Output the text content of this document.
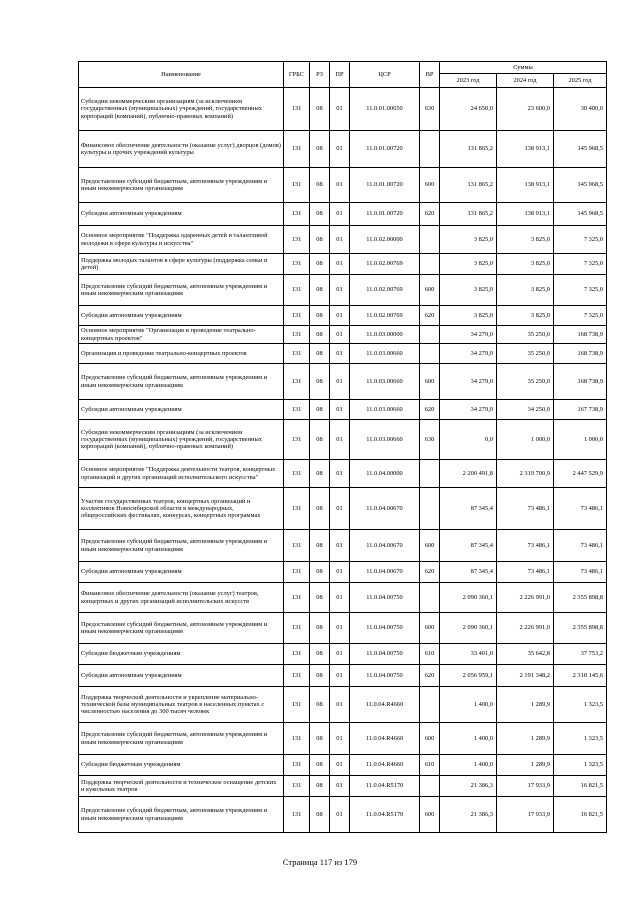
Наименование	ГРБС	РЗ	ПР	ЦСР	ВР	Суммы		
						2023 год	2024 год	2025 год
Субсидии некоммерческим организациям (за исключением государственных (муниципальных) учреждений, государственных корпораций (компаний), публично-правовых компаний)	131	08	01	11.0.01.00650	630	24 650,0	23 600,0	30 400,0
Финансовое обеспечение деятельности (оказание услуг) дворцов (домов) культуры и прочих учреждений культуры	131	08	01	11.0.01.00720		131 865,2	138 913,1	145 968,5
Предоставление субсидий бюджетным, автономным учреждениям и иным некоммерческим организациям	131	08	01	11.0.01.00720	600	131 865,2	138 913,1	145 968,5
Субсидии автономным учреждениям	131	08	01	11.0.01.00720	620	131 865,2	138 913,1	145 968,5
Основное мероприятие "Поддержка одаренных детей и талантливой молодежи в сфере культуры и искусства"	131	08	01	11.0.02.00000		3 825,0	3 825,0	7 325,0
Поддержка молодых талантов в сфере культуры (поддержка семьи и детей)	131	08	01	11.0.02.00769		3 825,0	3 825,0	7 325,0
Предоставление субсидий бюджетным, автономным учреждениям и иным некоммерческим организациям	131	08	01	11.0.02.00769	600	3 825,0	3 825,0	7 325,0
Субсидии автономным учреждениям	131	08	01	11.0.02.00769	620	3 825,0	3 825,0	7 325,0
Основное мероприятие "Организация и проведение театрально-концертных проектов"	131	08	01	11.0.03.00000		34 279,0	35 250,0	168 738,9
Организация и проведение театрально-концертных проектов	131	08	01	11.0.03.00660		34 279,0	35 250,0	168 738,9
Предоставление субсидий бюджетным, автономным учреждениям и иным некоммерческим организациям	131	08	01	11.0.03.00660	600	34 279,0	35 250,0	168 738,9
Субсидии автономным учреждениям	131	08	01	11.0.03.00660	620	34 279,0	34 250,0	167 738,9
Субсидии некоммерческим организациям (за исключением государственных (муниципальных) учреждений, государственных корпораций (компаний), публично-правовых компаний)	131	08	01	11.0.03.00660	630	0,0	1 000,0	1 000,0
Основное мероприятие "Поддержка деятельности театров, концертных организаций и других организаций исполнительского искусства"	131	08	01	11.0.04.00000		2 200 491,8	2 319 700,9	2 447 529,9
Участие государственных театров, концертных организаций и коллективов Новосибирской области в международных, общероссийских фестивалях, конкурсах, концертных программах	131	08	01	11.0.04.00670		87 345,4	73 486,1	73 486,1
Предоставление субсидий бюджетным, автономным учреждениям и иным некоммерческим организациям	131	08	01	11.0.04.00670	600	87 345,4	73 486,1	73 486,1
Субсидии автономным учреждениям	131	08	01	11.0.04.00670	620	87 345,4	73 486,1	73 486,1
Финансовое обеспечение деятельности (оказание услуг) театров, концертных и других организаций исполнительских искусств	131	08	01	11.0.04.00750		2 090 360,1	2 226 991,0	2 355 898,8
Предоставление субсидий бюджетным, автономным учреждениям и иным некоммерческим организациям	131	08	01	11.0.04.00750	600	2 090 360,1	2 226 991,0	2 355 898,8
Субсидии бюджетным учреждениям	131	08	01	11.0.04.00750	610	33 401,0	35 642,8	37 753,2
Субсидии автономным учреждениям	131	08	01	11.0.04.00750	620	2 056 959,1	2 191 348,2	2 318 145,6
Поддержка творческой деятельности и укрепление материально-технической базы муниципальных театров в населенных пунктах с численностью населения до 300 тысяч человек	131	08	01	11.0.04.R4660		1 400,0	1 289,9	1 323,5
Предоставление субсидий бюджетным, автономным учреждениям и иным некоммерческим организациям	131	08	01	11.0.04.R4660	600	1 400,0	1 289,9	1 323,5
Субсидии бюджетным учреждениям	131	08	01	11.0.04.R4660	610	1 400,0	1 289,9	1 323,5
Поддержка творческой деятельности и техническое оснащение детских и кукольных театров	131	08	01	11.0.04.R5170		21 386,3	17 933,9	16 821,5
Предоставление субсидий бюджетным, автономным учреждениям и иным некоммерческим организациям	131	08	01	11.0.04.R5170	600	21 386,3	17 933,9	16 821,5
Страница 117 из 179
